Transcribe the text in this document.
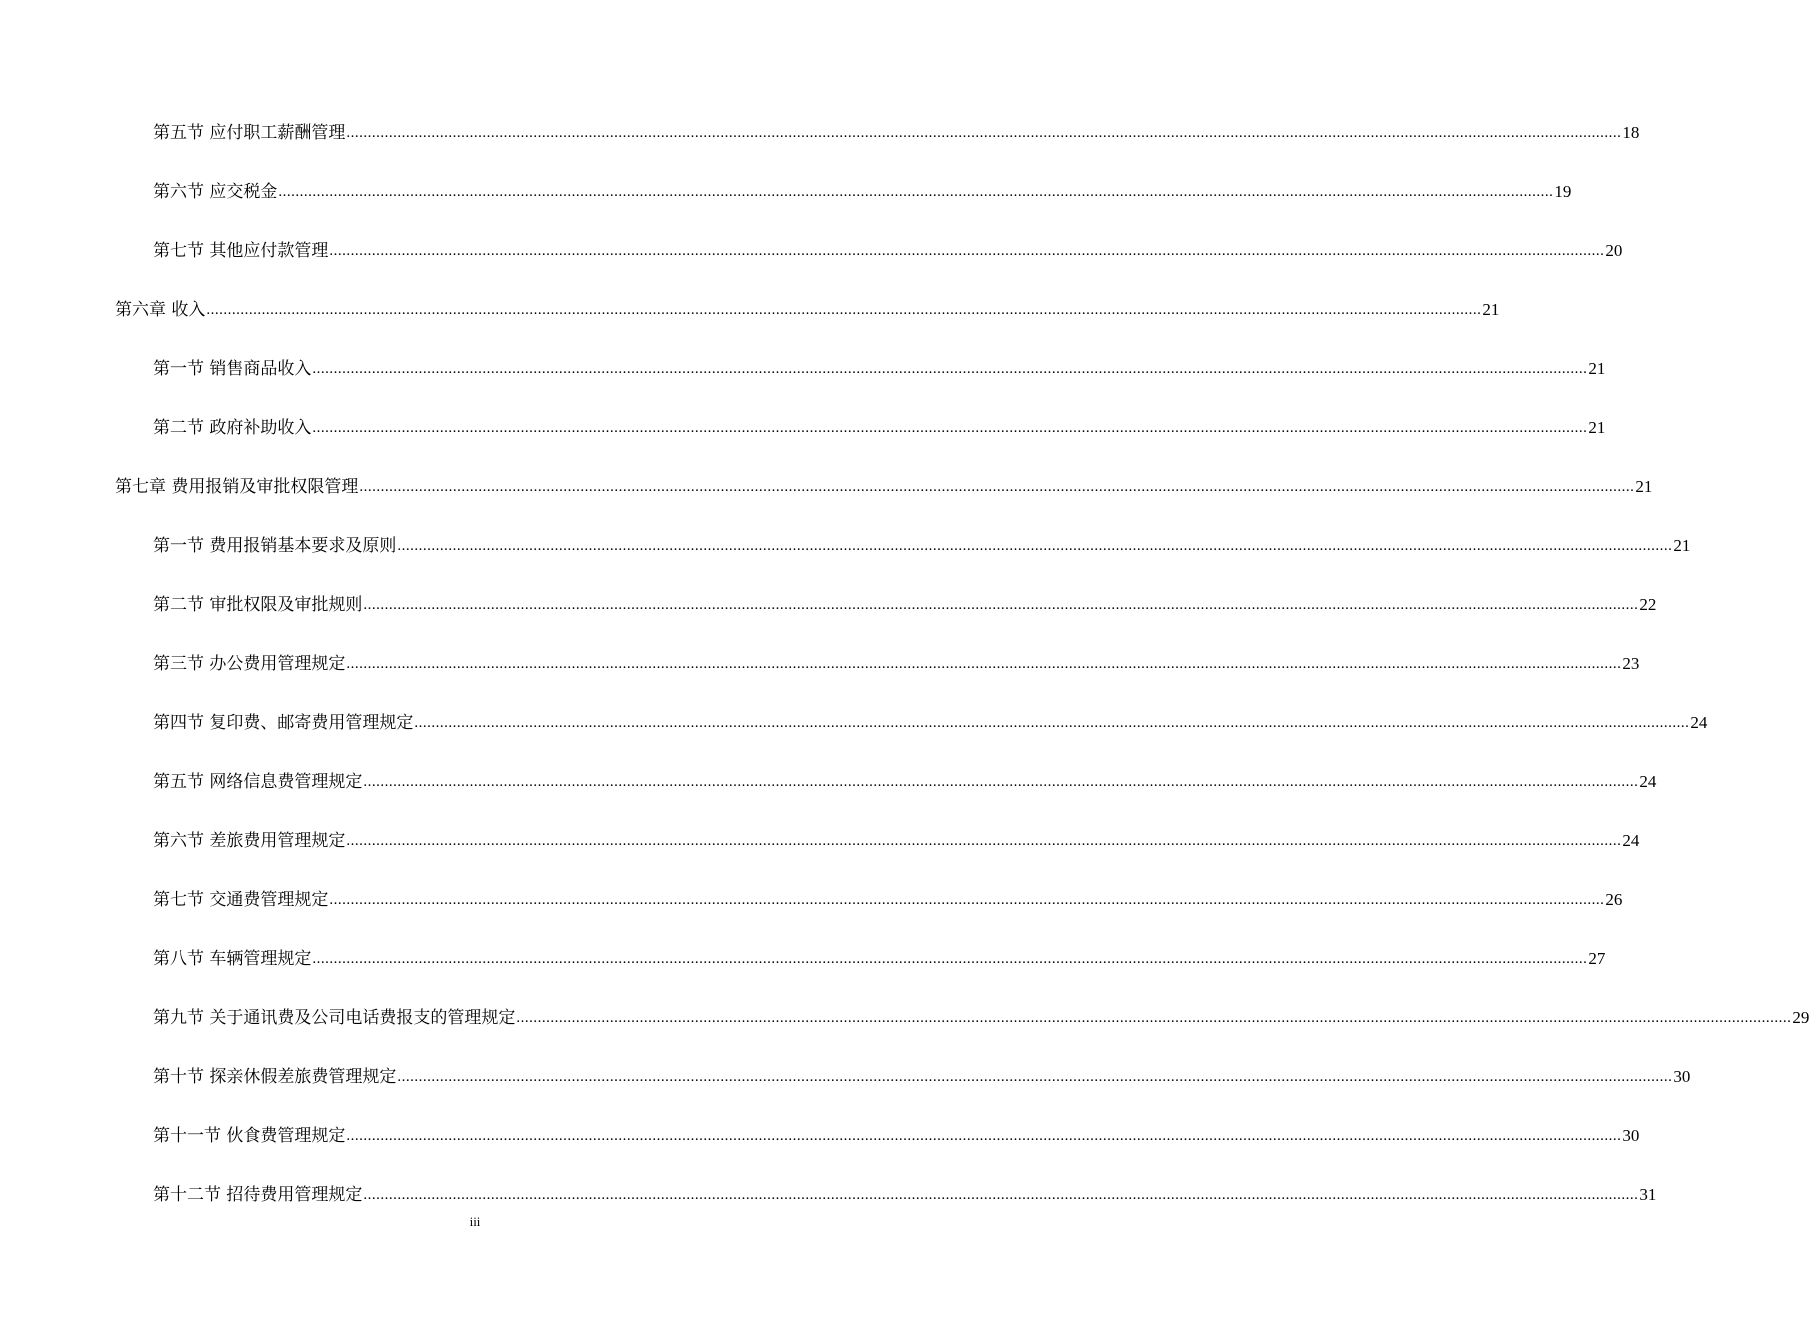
第五节 应付职工薪酬管理 ............................................................................................................................................................................................................................................................................................................ 18
第六节 应交税金 ............................................................................................................................................................................................................................................................................................................ 19
第七节 其他应付款管理 ............................................................................................................................................................................................................................................................................................................ 20
第六章 收入 ............................................................................................................................................................................................................................................................................................................ 21
第一节 销售商品收入 ............................................................................................................................................................................................................................................................................................................ 21
第二节 政府补助收入 ............................................................................................................................................................................................................................................................................................................ 21
第七章 费用报销及审批权限管理 ............................................................................................................................................................................................................................................................................................................ 21
第一节 费用报销基本要求及原则 ............................................................................................................................................................................................................................................................................................................ 21
第二节 审批权限及审批规则 ............................................................................................................................................................................................................................................................................................................ 22
第三节 办公费用管理规定 ............................................................................................................................................................................................................................................................................................................ 23
第四节 复印费、邮寄费用管理规定 ............................................................................................................................................................................................................................................................................................................ 24
第五节 网络信息费管理规定 ............................................................................................................................................................................................................................................................................................................ 24
第六节 差旅费用管理规定 ............................................................................................................................................................................................................................................................................................................ 24
第七节 交通费管理规定 ............................................................................................................................................................................................................................................................................................................ 26
第八节 车辆管理规定 ............................................................................................................................................................................................................................................................................................................ 27
第九节 关于通讯费及公司电话费报支的管理规定 ............................................................................................................................................................................................................................................................................................................ 29
第十节 探亲休假差旅费管理规定 ............................................................................................................................................................................................................................................................................................................ 30
第十一节 伙食费管理规定 ............................................................................................................................................................................................................................................................................................................ 30
第十二节 招待费用管理规定 ............................................................................................................................................................................................................................................................................................................ 31
iii
